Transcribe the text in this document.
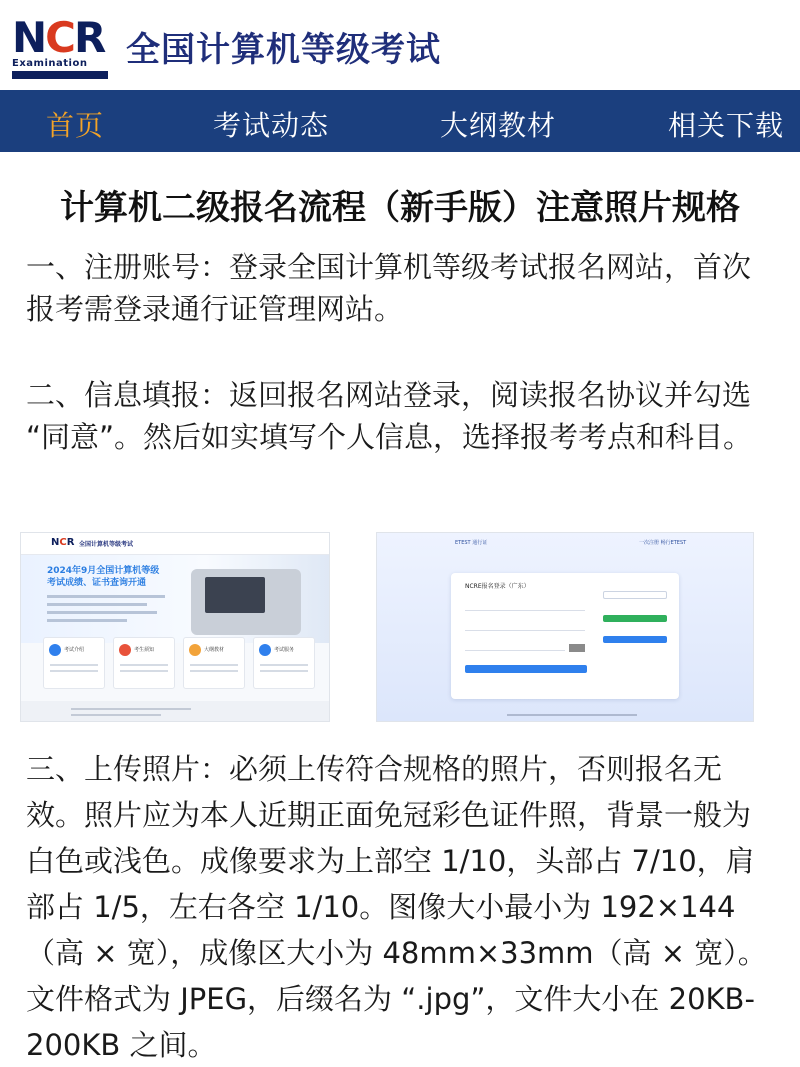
NCR
Examination	全国计算机等级考试
首页	考试动态	大纲教材	相关下载
计算机二级报名流程（新手版）注意照片规格
一、注册账号：登录全国计算机等级考试报名网站，首次报考需登录通行证管理网站。
二、信息填报：返回报名网站登录，阅读报名协议并勾选 “同意”。然后如实填写个人信息，选择报考考点和科目。
NCR 全国计算机等级考试
2024年9月全国计算机等级考试成绩、证书查询开通
考试介绍	考生须知	大纲教材	考试服务
ETEST 通行证	一次注册 畅行ETEST
NCRE报名登录（广东）
三、上传照片：必须上传符合规格的照片，否则报名无效。照片应为本人近期正面免冠彩色证件照，背景一般为白色或浅色。成像要求为上部空 1/10，头部占 7/10，肩部占 1/5，左右各空 1/10。图像大小最小为 192×144（高 × 宽），成像区大小为 48mm×33mm（高 × 宽）。文件格式为 JPEG，后缀名为 “.jpg”，文件大小在 20KB-200KB 之间。
